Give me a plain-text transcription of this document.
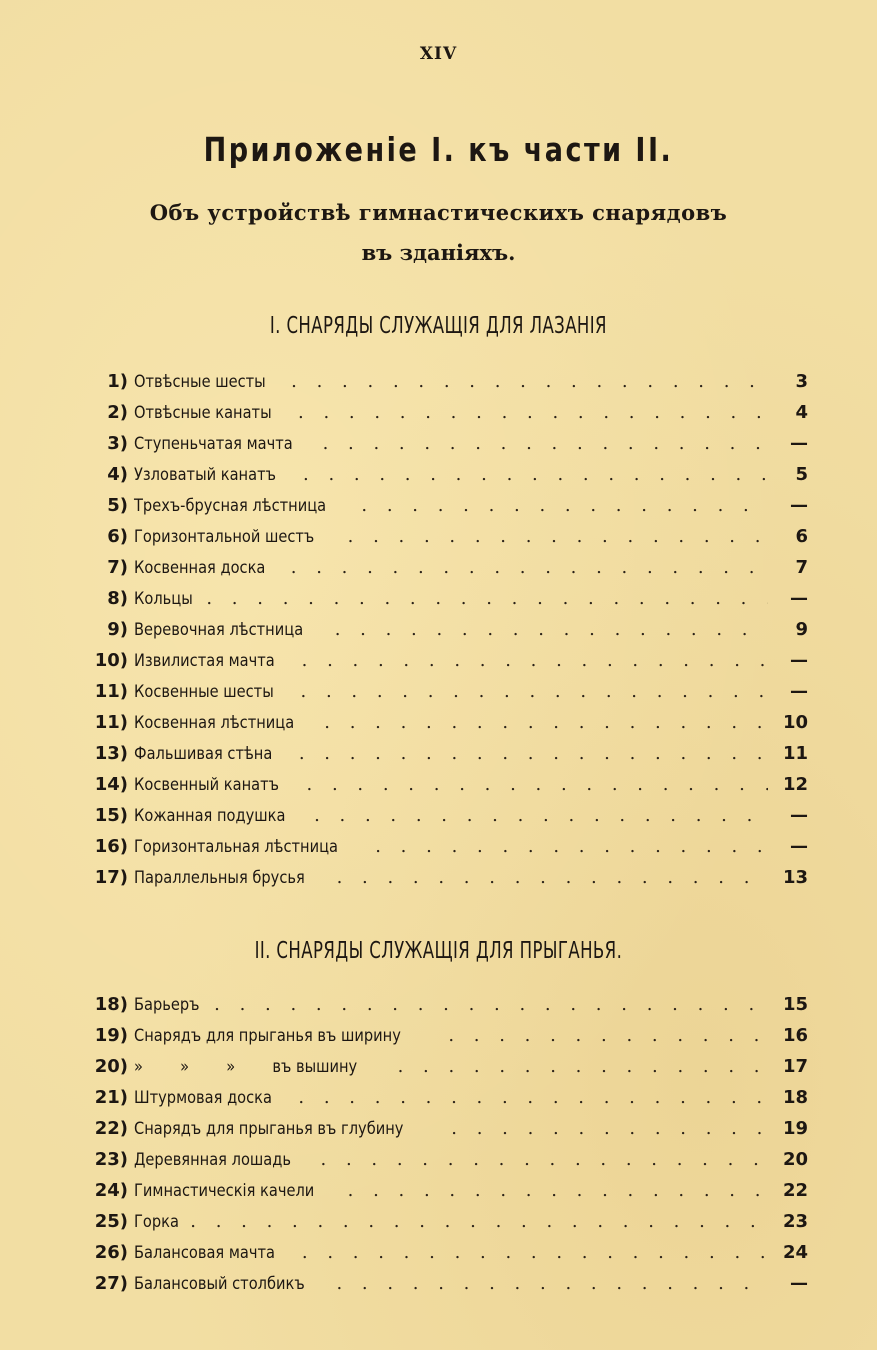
XIV
Приложеніе I. къ части II.
Объ устройствѣ гимнастическихъ снарядовъ
въ зданіяхъ.
I. СНАРЯДЫ СЛУЖАЩІЯ ДЛЯ ЛАЗАНІЯ
1) Отвѣсные шесты . . .	3
2) Отвѣсные канаты . . .	4
3) Ступеньчатая мачта . . .	—
4) Узловатый канатъ . . .	5
5) Трехъ-брусная лѣстница . . .	—
6) Горизонтальной шестъ . . .	6
7) Косвенная доска . . .	7
8) Кольцы . . .	—
9) Веревочная лѣстница . . .	9
10) Извилистая мачта . . .	—
11) Косвенные шесты . . .	—
11) Косвенная лѣстница . . .	10
13) Фальшивая стѣна . . .	11
14) Косвенный канатъ . . .	12
15) Кожанная подушка . . .	—
16) Горизонтальная лѣстница . . .	—
17) Параллельныя брусья . . .	13
II. СНАРЯДЫ СЛУЖАЩІЯ ДЛЯ ПРЫГАНЬЯ.
18) Барьеръ . . .	15
19) Снарядъ для прыганья въ ширину . . .	16
20) »        »        »        въ вышину . . .	17
21) Штурмовая доска . . .	18
22) Снарядъ для прыганья въ глубину . . .	19
23) Деревянная лошадь . . .	20
24) Гимнастическія качели . . .	22
25) Горка . . .	23
26) Балансовая мачта . . .	24
27) Балансовый столбикъ . . .	—
